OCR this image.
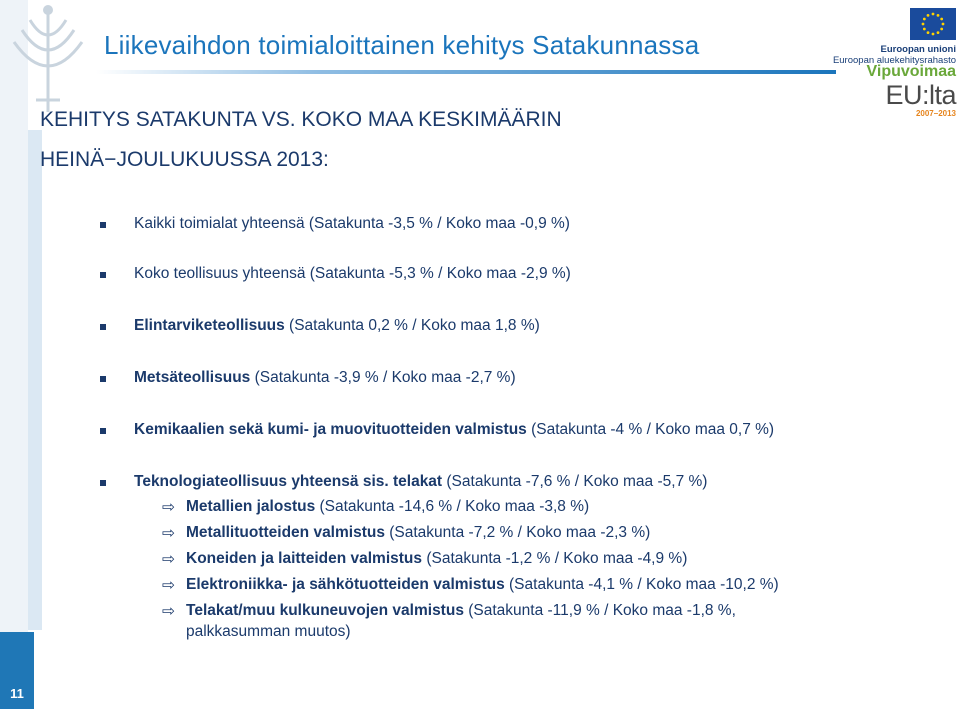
Liikevaihdon toimialoittainen kehitys Satakunnassa	Euroopan unioni
Euroopan aluekehitysrahasto
Vipuvoimaa
EU:lta
2007–2013
KEHITYS SATAKUNTA VS. KOKO MAA KESKIMÄÄRIN
HEINÄ−JOULUKUUSSA 2013:
Kaikki toimialat yhteensä (Satakunta -3,5 % / Koko maa -0,9 %)
Koko teollisuus yhteensä (Satakunta -5,3 % / Koko maa -2,9 %)
Elintarviketeollisuus (Satakunta 0,2 % / Koko maa 1,8 %)
Metsäteollisuus (Satakunta -3,9 % / Koko maa -2,7 %)
Kemikaalien sekä kumi- ja muovituotteiden valmistus (Satakunta -4 % / Koko maa 0,7 %)
Teknologiateollisuus yhteensä sis. telakat (Satakunta -7,6 % / Koko maa -5,7 %)
⇨ Metallien jalostus (Satakunta -14,6 % / Koko maa -3,8 %)
⇨ Metallituotteiden valmistus (Satakunta -7,2 % / Koko maa -2,3 %)
⇨ Koneiden ja laitteiden valmistus (Satakunta -1,2 % / Koko maa -4,9 %)
⇨ Elektroniikka- ja sähkötuotteiden valmistus (Satakunta -4,1 % / Koko maa -10,2 %)
⇨ Telakat/muu kulkuneuvojen valmistus (Satakunta -11,9 % / Koko maa -1,8 %,
palkkasumman muutos)
11
